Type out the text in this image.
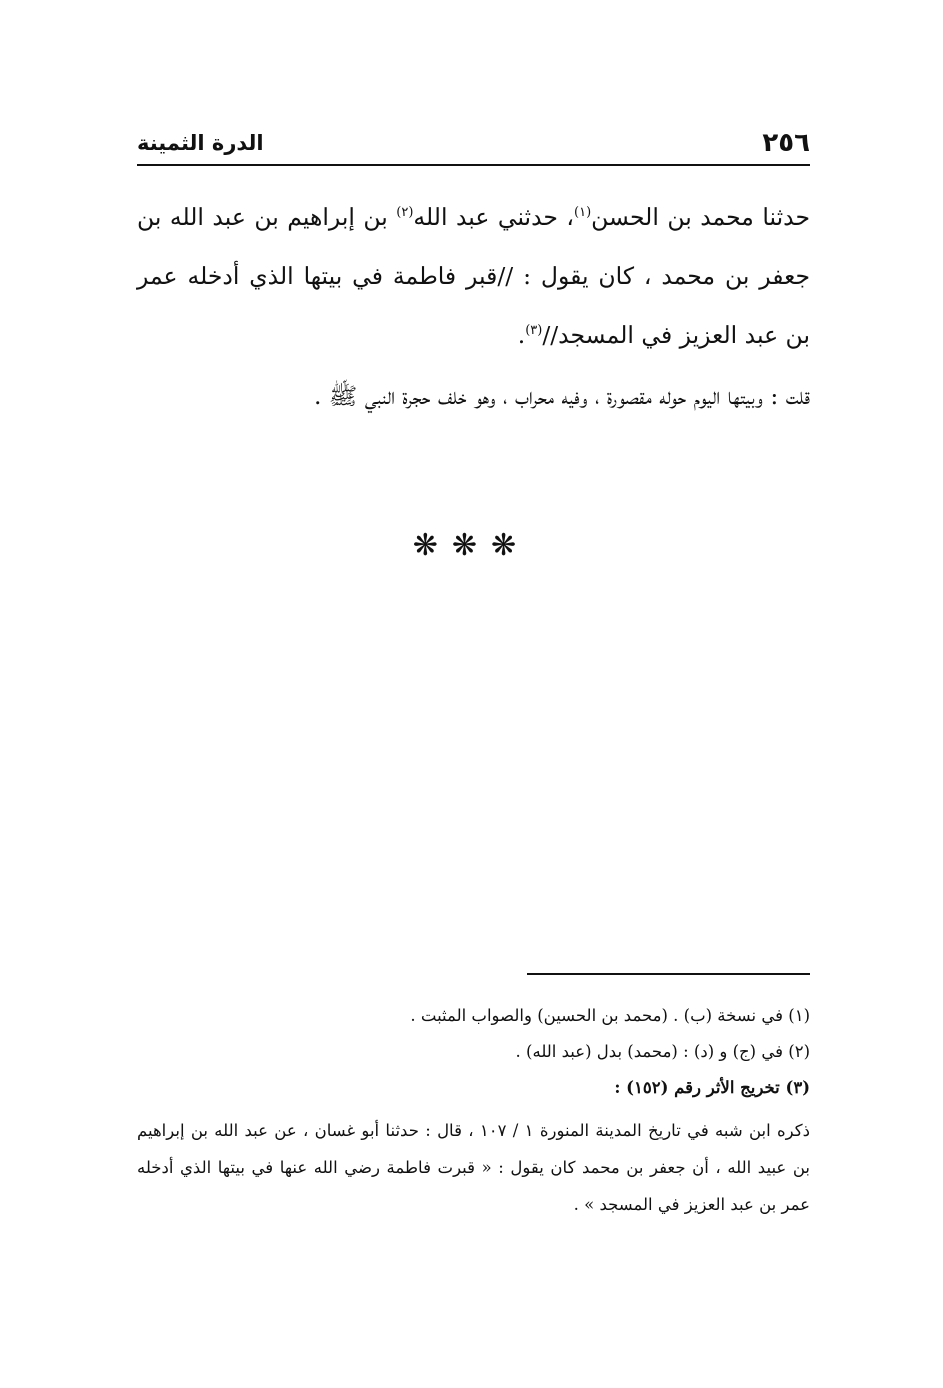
٢٥٦
الدرة الثمينة

حدثنا محمد بن الحسن$^{(١)}$، حدثني عبد الله$^{(٢)}$ بن إبراهيم بن عبد الله بن جعفر بن محمد ، كان يقول : //قبر فاطمة في بيتها الذي أدخله عمر بن عبد العزيز في المسجد//$^{(٣)}$.

قلت : وبيتها اليوم حوله مقصورة ، وفيه محراب ، وهو خلف حجرة النبي ﷺ .

❋❋❋

(١) في نسخة (ب) . (محمد بن الحسين) والصواب المثبت .

(٢) في (ج) و (د) : (محمد) بدل (عبد الله) .

(٣) تخريج الأثر رقم (١٥٢) :

ذكره ابن شبه في تاريخ المدينة المنورة ١ / ١٠٧ ، قال : حدثنا أبو غسان ، عن عبد الله بن إبراهيم بن عبيد الله ، أن جعفر بن محمد كان يقول : « قبرت فاطمة رضي الله عنها في بيتها الذي أدخله عمر بن عبد العزيز في المسجد » .
